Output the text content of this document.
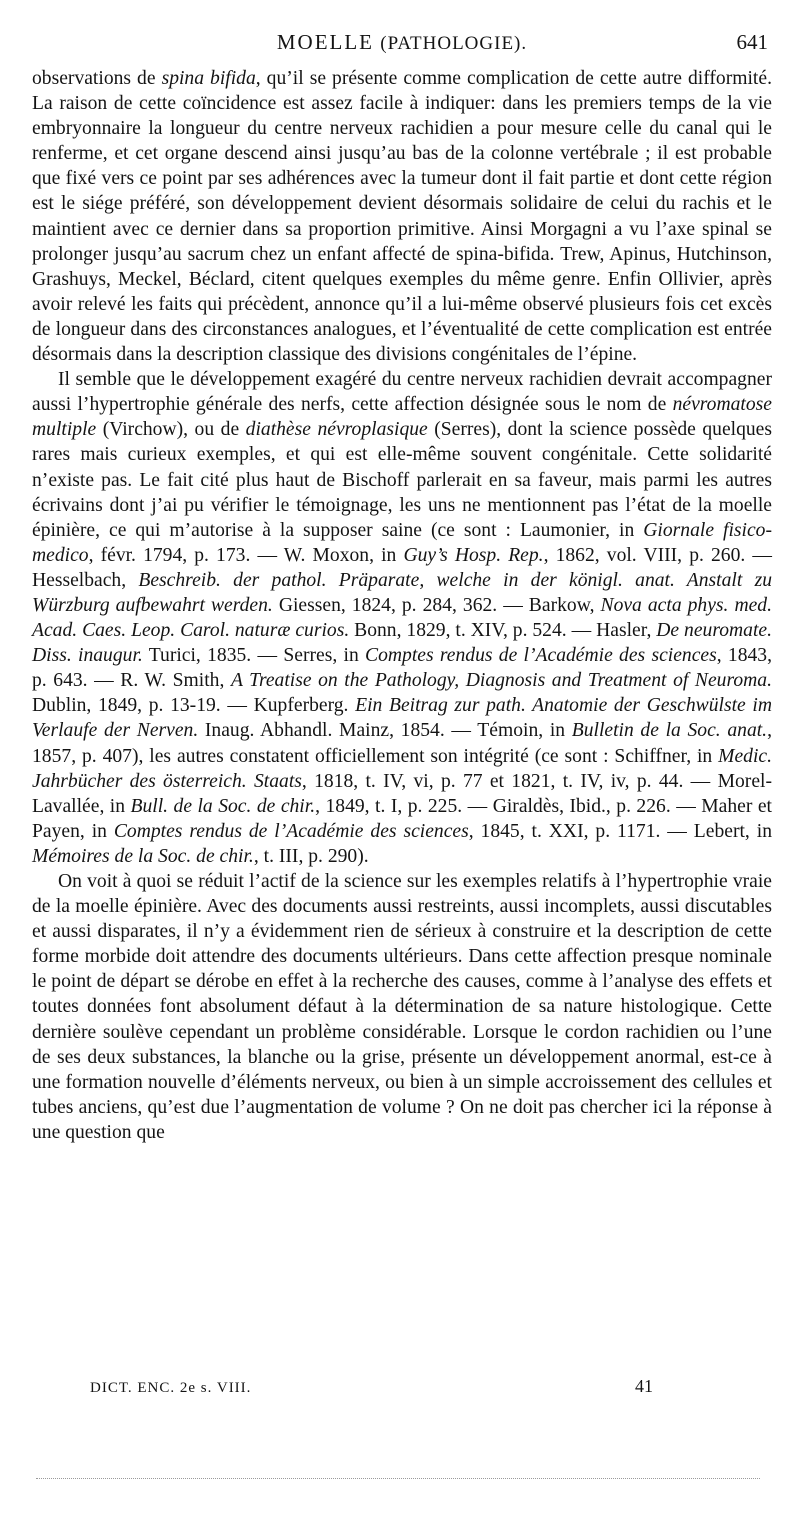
MOELLE (PATHOLOGIE).	641

observations de spina bifida, qu’il se présente comme complication de cette autre difformité. La raison de cette coïncidence est assez facile à indiquer: dans les premiers temps de la vie embryonnaire la longueur du centre nerveux rachidien a pour mesure celle du canal qui le renferme, et cet organe descend ainsi jusqu’au bas de la colonne vertébrale ; il est probable que fixé vers ce point par ses adhérences avec la tumeur dont il fait partie et dont cette région est le siége préféré, son développement devient désormais solidaire de celui du rachis et le maintient avec ce dernier dans sa proportion primitive. Ainsi Morgagni a vu l’axe spinal se prolonger jusqu’au sacrum chez un enfant affecté de spina-bifida. Trew, Apinus, Hutchinson, Grashuys, Meckel, Béclard, citent quelques exemples du même genre. Enfin Ollivier, après avoir relevé les faits qui précèdent, annonce qu’il a lui-même observé plusieurs fois cet excès de longueur dans des circonstances analogues, et l’éventualité de cette complication est entrée désormais dans la description classique des divisions congénitales de l’épine.

Il semble que le développement exagéré du centre nerveux rachidien devrait accompagner aussi l’hypertrophie générale des nerfs, cette affection désignée sous le nom de névromatose multiple (Virchow), ou de diathèse névroplasique (Serres), dont la science possède quelques rares mais curieux exemples, et qui est elle-même souvent congénitale. Cette solidarité n’existe pas. Le fait cité plus haut de Bischoff parlerait en sa faveur, mais parmi les autres écrivains dont j’ai pu vérifier le témoignage, les uns ne mentionnent pas l’état de la moelle épinière, ce qui m’autorise à la supposer saine (ce sont : Laumonier, in Giornale fisico-medico, févr. 1794, p. 173. — W. Moxon, in Guy’s Hosp. Rep., 1862, vol. VIII, p. 260. — Hesselbach, Beschreib. der pathol. Präparate, welche in der königl. anat. Anstalt zu Würzburg aufbewahrt werden. Giessen, 1824, p. 284, 362. — Barkow, Nova acta phys. med. Acad. Caes. Leop. Carol. naturæ curios. Bonn, 1829, t. XIV, p. 524. — Hasler, De neuromate. Diss. inaugur. Turici, 1835. — Serres, in Comptes rendus de l’Académie des sciences, 1843, p. 643. — R. W. Smith, A Treatise on the Pathology, Diagnosis and Treatment of Neuroma. Dublin, 1849, p. 13-19. — Kupferberg. Ein Beitrag zur path. Anatomie der Geschwülste im Verlaufe der Nerven. Inaug. Abhandl. Mainz, 1854. — Témoin, in Bulletin de la Soc. anat., 1857, p. 407), les autres constatent officiellement son intégrité (ce sont : Schiffner, in Medic. Jahrbücher des österreich. Staats, 1818, t. IV, vi, p. 77 et 1821, t. IV, iv, p. 44. — Morel-Lavallée, in Bull. de la Soc. de chir., 1849, t. I, p. 225. — Giraldès, Ibid., p. 226. — Maher et Payen, in Comptes rendus de l’Académie des sciences, 1845, t. XXI, p. 1171. — Lebert, in Mémoires de la Soc. de chir., t. III, p. 290).

On voit à quoi se réduit l’actif de la science sur les exemples relatifs à l’hypertrophie vraie de la moelle épinière. Avec des documents aussi restreints, aussi incomplets, aussi discutables et aussi disparates, il n’y a évidemment rien de sérieux à construire et la description de cette forme morbide doit attendre des documents ultérieurs. Dans cette affection presque nominale le point de départ se dérobe en effet à la recherche des causes, comme à l’analyse des effets et toutes données font absolument défaut à la détermination de sa nature histologique. Cette dernière soulève cependant un problème considérable. Lorsque le cordon rachidien ou l’une de ses deux substances, la blanche ou la grise, présente un développement anormal, est-ce à une formation nouvelle d’éléments nerveux, ou bien à un simple accroissement des cellules et tubes anciens, qu’est due l’augmentation de volume ? On ne doit pas chercher ici la réponse à une question que

DICT. ENC. 2e s. VIII.	41
